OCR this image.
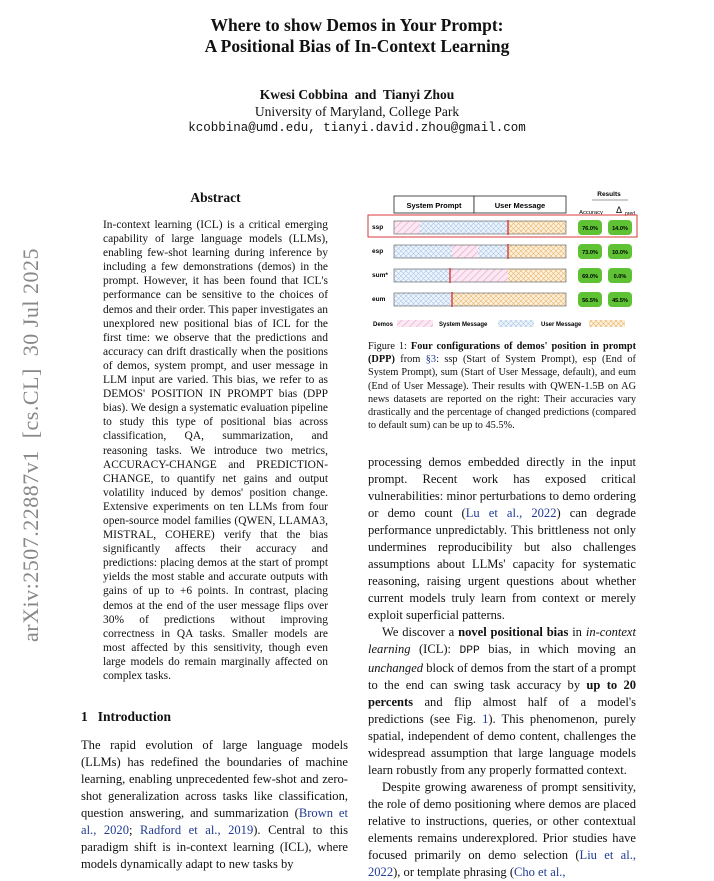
Where to show Demos in Your Prompt:
A Positional Bias of In-Context Learning
Kwesi Cobbina  and  Tianyi Zhou
University of Maryland, College Park
kcobbina@umd.edu, tianyi.david.zhou@gmail.com
arXiv:2507.22887v1  [cs.CL]  30 Jul 2025
Abstract

In-context learning (ICL) is a critical emerging capability of large language models (LLMs), enabling few-shot learning during inference by including a few demonstrations (demos) in the prompt. However, it has been found that ICL's performance can be sensitive to the choices of demos and their order. This paper investigates an unexplored new positional bias of ICL for the first time: we observe that the predictions and accuracy can drift drastically when the positions of demos, system prompt, and user message in LLM input are varied. This bias, we refer to as DEMOS' POSITION IN PROMPT bias (DPP bias). We design a systematic evaluation pipeline to study this type of positional bias across classification, QA, summarization, and reasoning tasks. We introduce two metrics, ACCURACY-CHANGE and PREDICTION-CHANGE, to quantify net gains and output volatility induced by demos' position change. Extensive experiments on ten LLMs from four open-source model families (QWEN, LLAMA3, MISTRAL, COHERE) verify that the bias significantly affects their accuracy and predictions: placing demos at the start of prompt yields the most stable and accurate outputs with gains of up to +6 points. In contrast, placing demos at the end of the user message flips over 30% of predictions without improving correctness in QA tasks. Smaller models are most affected by this sensitivity, though even large models do remain marginally affected on complex tasks.

1 Introduction

The rapid evolution of large language models (LLMs) has redefined the boundaries of machine learning, enabling unprecedented few-shot and zero-shot generalization across tasks like classification, question answering, and summarization (Brown et al., 2020; Radford et al., 2019). Central to this paradigm shift is in-context learning (ICL), where models dynamically adapt to new tasks by

System Prompt	User Message
Results
Accuracy Δ pred
ssp	76.0%	14.0%
esp	73.0%	10.0%
sum*	69.0%	0.0%
eum	56.5%	45.5%
Demos	System Message	User Message

Figure 1: Four configurations of demos' position in prompt (DPP) from §3: ssp (Start of System Prompt), esp (End of System Prompt), sum (Start of User Message, default), and eum (End of User Message). Their results with QWEN-1.5B on AG news datasets are reported on the right: Their accuracies vary drastically and the percentage of changed predictions (compared to default sum) can be up to 45.5%.

processing demos embedded directly in the input prompt. Recent work has exposed critical vulnerabilities: minor perturbations to demo ordering or demo count (Lu et al., 2022) can degrade performance unpredictably. This brittleness not only undermines reproducibility but also challenges assumptions about LLMs' capacity for systematic reasoning, raising urgent questions about whether current models truly learn from context or merely exploit superficial patterns.

We discover a novel positional bias in in-context learning (ICL): DPP bias, in which moving an unchanged block of demos from the start of a prompt to the end can swing task accuracy by up to 20 percents and flip almost half of a model's predictions (see Fig. 1). This phenomenon, purely spatial, independent of demo content, challenges the widespread assumption that large language models learn robustly from any properly formatted context.

Despite growing awareness of prompt sensitivity, the role of demo positioning where demos are placed relative to instructions, queries, or other contextual elements remains underexplored. Prior studies have focused primarily on demo selection (Liu et al., 2022), or template phrasing (Cho et al.,
